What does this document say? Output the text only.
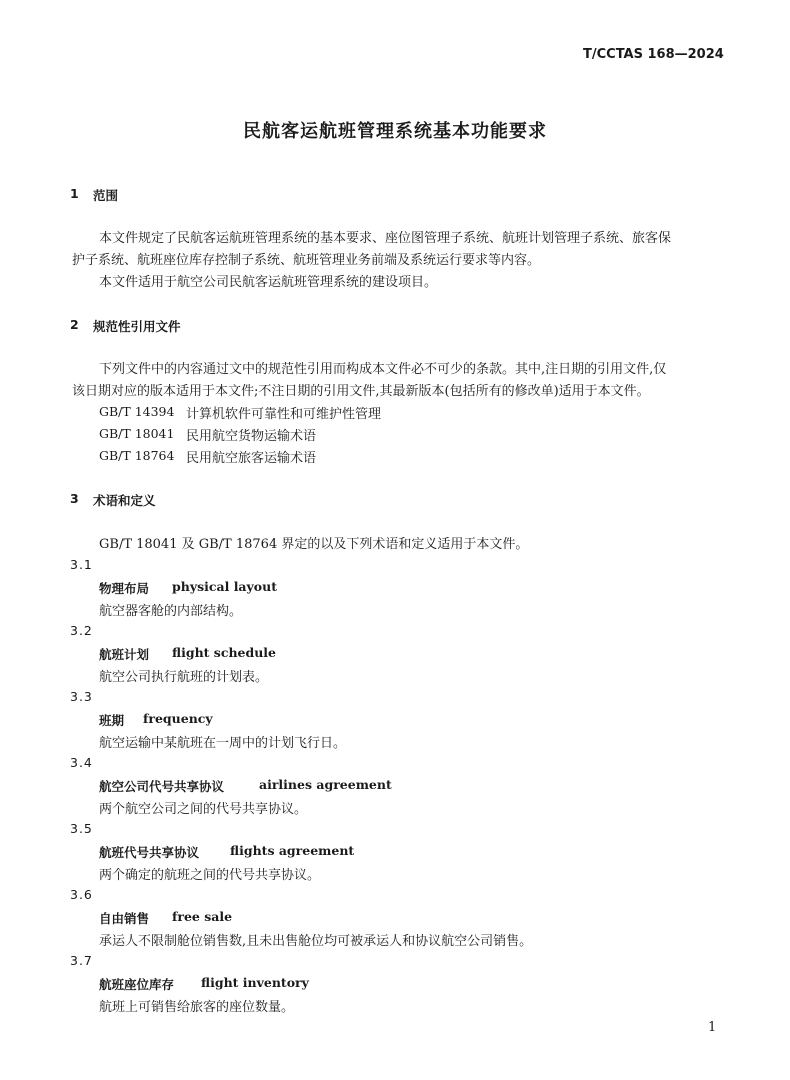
T/CCTAS 168—2024
民航客运航班管理系统基本功能要求
1 范围
本文件规定了民航客运航班管理系统的基本要求、座位图管理子系统、航班计划管理子系统、旅客保
护子系统、航班座位库存控制子系统、航班管理业务前端及系统运行要求等内容。
本文件适用于航空公司民航客运航班管理系统的建设项目。
2 规范性引用文件
下列文件中的内容通过文中的规范性引用而构成本文件必不可少的条款。其中,注日期的引用文件,仅
该日期对应的版本适用于本文件;不注日期的引用文件,其最新版本(包括所有的修改单)适用于本文件。
GB/T 14394 计算机软件可靠性和可维护性管理
GB/T 18041 民用航空货物运输术语
GB/T 18764 民用航空旅客运输术语
3 术语和定义
GB/T 18041 及 GB/T 18764 界定的以及下列术语和定义适用于本文件。
3.1
物理布局 physical layout
航空器客舱的内部结构。
3.2
航班计划 flight schedule
航空公司执行航班的计划表。
3.3
班期 frequency
航空运输中某航班在一周中的计划飞行日。
3.4
航空公司代号共享协议	airlines agreement
两个航空公司之间的代号共享协议。
3.5
航班代号共享协议 flights agreement
两个确定的航班之间的代号共享协议。
3.6
自由销售 free sale
承运人不限制舱位销售数,且未出售舱位均可被承运人和协议航空公司销售。
3.7
航班座位库存 flight inventory
航班上可销售给旅客的座位数量。
1
